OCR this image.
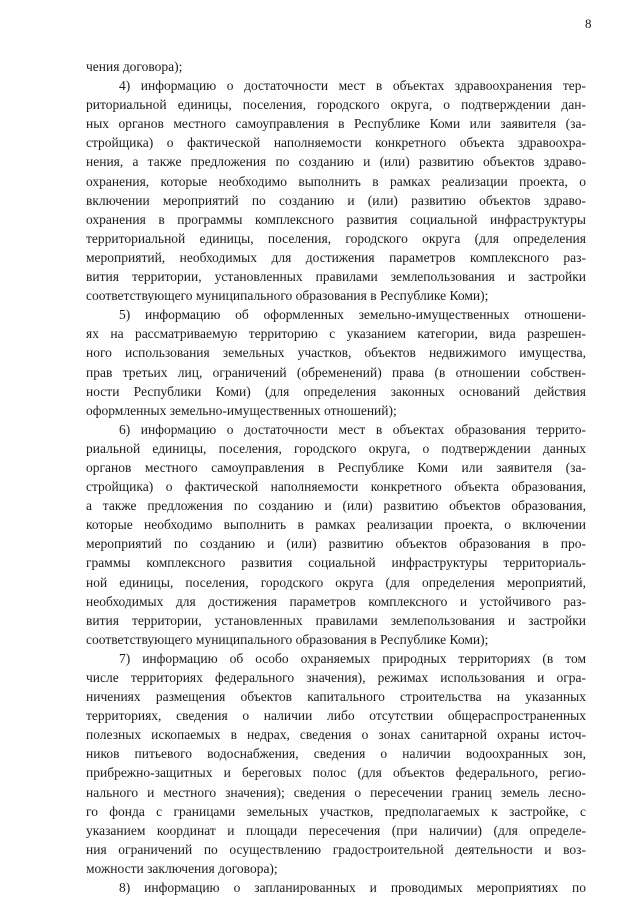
8
чения договора);
4) информацию о достаточности мест в объектах здравоохранения тер-
риториальной единицы, поселения, городского округа, о подтверждении дан-
ных органов местного самоуправления в Республике Коми или заявителя (за-
стройщика) о фактической наполняемости конкретного объекта здравоохра-
нения, а также предложения по созданию и (или) развитию объектов здраво-
охранения, которые необходимо выполнить в рамках реализации проекта, о
включении мероприятий по созданию и (или) развитию объектов здраво-
охранения в программы комплексного развития социальной инфраструктуры
территориальной единицы, поселения, городского округа (для определения
мероприятий, необходимых для достижения параметров комплексного раз-
вития территории, установленных правилами землепользования и застройки
соответствующего муниципального образования в Республике Коми);
5) информацию об оформленных земельно-имущественных отношени-
ях на рассматриваемую территорию с указанием категории, вида разрешен-
ного использования земельных участков, объектов недвижимого имущества,
прав третьих лиц, ограничений (обременений) права (в отношении собствен-
ности Республики Коми) (для определения законных оснований действия
оформленных земельно-имущественных отношений);
6) информацию о достаточности мест в объектах образования террито-
риальной единицы, поселения, городского округа, о подтверждении данных
органов местного самоуправления в Республике Коми или заявителя (за-
стройщика) о фактической наполняемости конкретного объекта образования,
а также предложения по созданию и (или) развитию объектов образования,
которые необходимо выполнить в рамках реализации проекта, о включении
мероприятий по созданию и (или) развитию объектов образования в про-
граммы комплексного развития социальной инфраструктуры территориаль-
ной единицы, поселения, городского округа (для определения мероприятий,
необходимых для достижения параметров комплексного и устойчивого раз-
вития территории, установленных правилами землепользования и застройки
соответствующего муниципального образования в Республике Коми);
7) информацию об особо охраняемых природных территориях (в том
числе территориях федерального значения), режимах использования и огра-
ничениях размещения объектов капитального строительства на указанных
территориях, сведения о наличии либо отсутствии общераспространенных
полезных ископаемых в недрах, сведения о зонах санитарной охраны источ-
ников питьевого водоснабжения, сведения о наличии водоохранных зон,
прибрежно-защитных и береговых полос (для объектов федерального, регио-
нального и местного значения); сведения о пересечении границ земель лесно-
го фонда с границами земельных участков, предполагаемых к застройке, с
указанием координат и площади пересечения (при наличии) (для определе-
ния ограничений по осуществлению градостроительной деятельности и воз-
можности заключения договора);
8) информацию о запланированных и проводимых мероприятиях по
